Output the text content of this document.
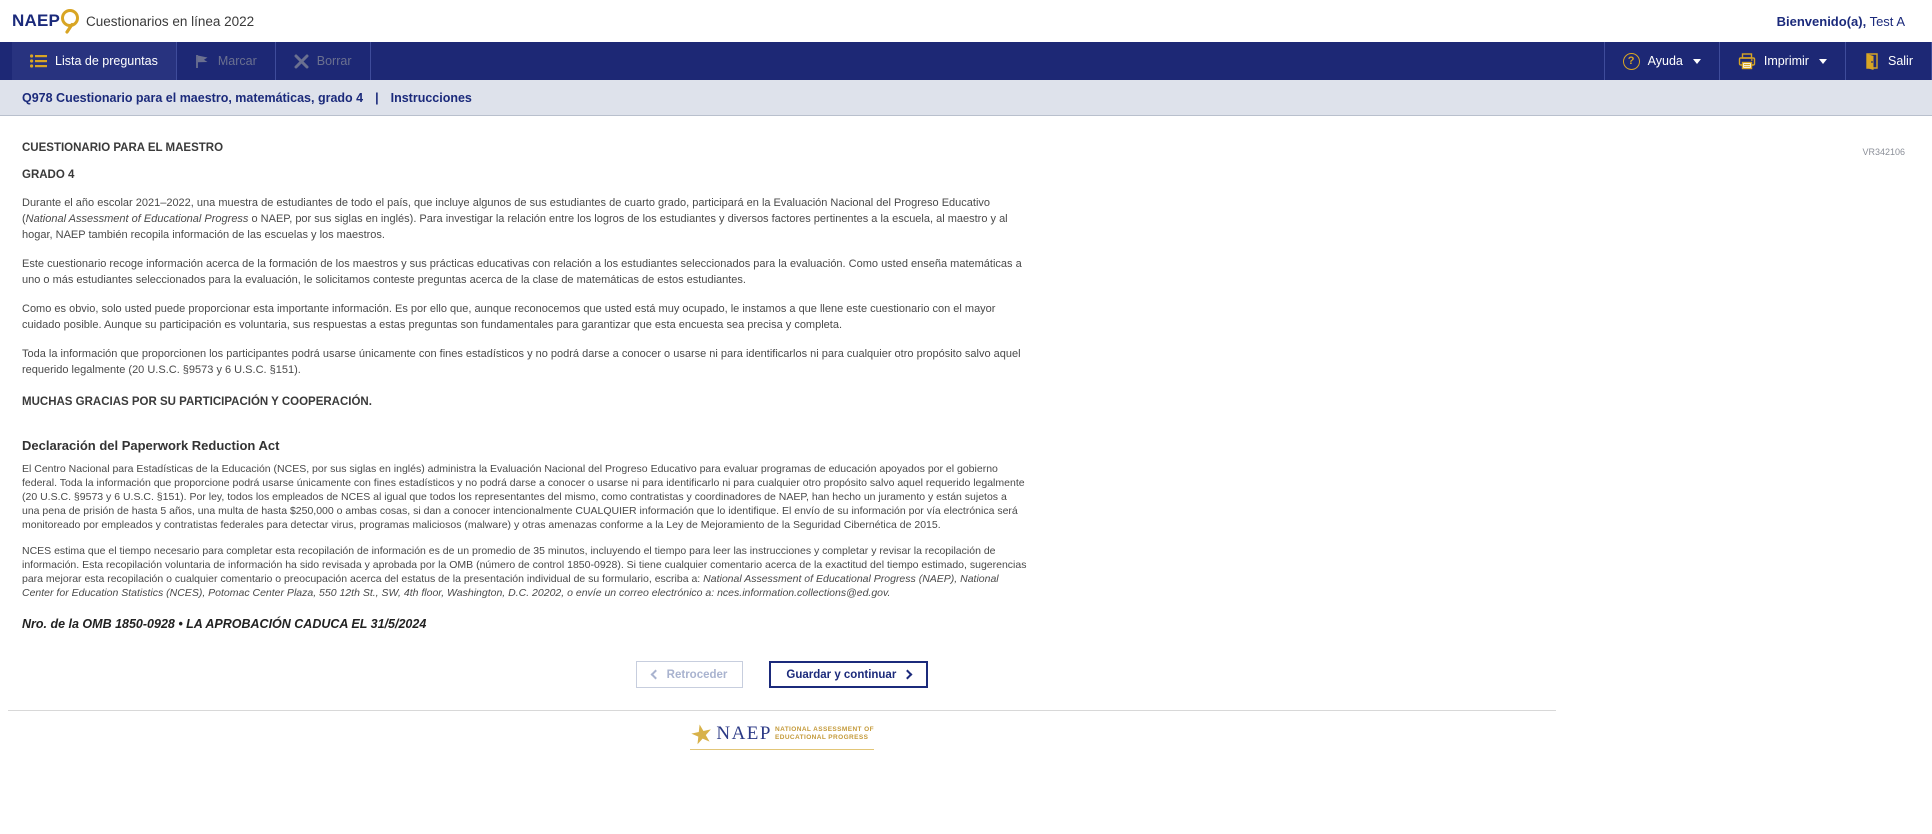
NAEP Cuestionarios en línea 2022	Bienvenido(a), Test A
Lista de preguntas	Marcar	Borrar	? Ayuda	Imprimir	Salir
Q978 Cuestionario para el maestro, matemáticas, grado 4 | Instrucciones
VR342106
CUESTIONARIO PARA EL MAESTRO
GRADO 4

Durante el año escolar 2021–2022, una muestra de estudiantes de todo el país, que incluye algunos de sus estudiantes de cuarto grado, participará en la Evaluación Nacional del Progreso Educativo (National Assessment of Educational Progress o NAEP, por sus siglas en inglés). Para investigar la relación entre los logros de los estudiantes y diversos factores pertinentes a la escuela, al maestro y al hogar, NAEP también recopila información de las escuelas y los maestros.

Este cuestionario recoge información acerca de la formación de los maestros y sus prácticas educativas con relación a los estudiantes seleccionados para la evaluación. Como usted enseña matemáticas a uno o más estudiantes seleccionados para la evaluación, le solicitamos conteste preguntas acerca de la clase de matemáticas de estos estudiantes.

Como es obvio, solo usted puede proporcionar esta importante información. Es por ello que, aunque reconocemos que usted está muy ocupado, le instamos a que llene este cuestionario con el mayor cuidado posible. Aunque su participación es voluntaria, sus respuestas a estas preguntas son fundamentales para garantizar que esta encuesta sea precisa y completa.

Toda la información que proporcionen los participantes podrá usarse únicamente con fines estadísticos y no podrá darse a conocer o usarse ni para identificarlos ni para cualquier otro propósito salvo aquel requerido legalmente (20 U.S.C. §9573 y 6 U.S.C. §151).

MUCHAS GRACIAS POR SU PARTICIPACIÓN Y COOPERACIÓN.
Declaración del Paperwork Reduction Act

El Centro Nacional para Estadísticas de la Educación (NCES, por sus siglas en inglés) administra la Evaluación Nacional del Progreso Educativo para evaluar programas de educación apoyados por el gobierno federal. Toda la información que proporcione podrá usarse únicamente con fines estadísticos y no podrá darse a conocer o usarse ni para identificarlo ni para cualquier otro propósito salvo aquel requerido legalmente (20 U.S.C. §9573 y 6 U.S.C. §151). Por ley, todos los empleados de NCES al igual que todos los representantes del mismo, como contratistas y coordinadores de NAEP, han hecho un juramento y están sujetos a una pena de prisión de hasta 5 años, una multa de hasta $250,000 o ambas cosas, si dan a conocer intencionalmente CUALQUIER información que lo identifique. El envío de su información por vía electrónica será monitoreado por empleados y contratistas federales para detectar virus, programas maliciosos (malware) y otras amenazas conforme a la Ley de Mejoramiento de la Seguridad Cibernética de 2015.

NCES estima que el tiempo necesario para completar esta recopilación de información es de un promedio de 35 minutos, incluyendo el tiempo para leer las instrucciones y completar y revisar la recopilación de información. Esta recopilación voluntaria de información ha sido revisada y aprobada por la OMB (número de control 1850-0928). Si tiene cualquier comentario acerca de la exactitud del tiempo estimado, sugerencias para mejorar esta recopilación o cualquier comentario o preocupación acerca del estatus de la presentación individual de su formulario, escriba a: National Assessment of Educational Progress (NAEP), National Center for Education Statistics (NCES), Potomac Center Plaza, 550 12th St., SW, 4th floor, Washington, D.C. 20202, o envíe un correo electrónico a: nces.information.collections@ed.gov.

Nro. de la OMB 1850-0928 • LA APROBACIÓN CADUCA EL 31/5/2024
Retroceder	Guardar y continuar
★ NAEP NATIONAL ASSESSMENT OF
EDUCATIONAL PROGRESS
